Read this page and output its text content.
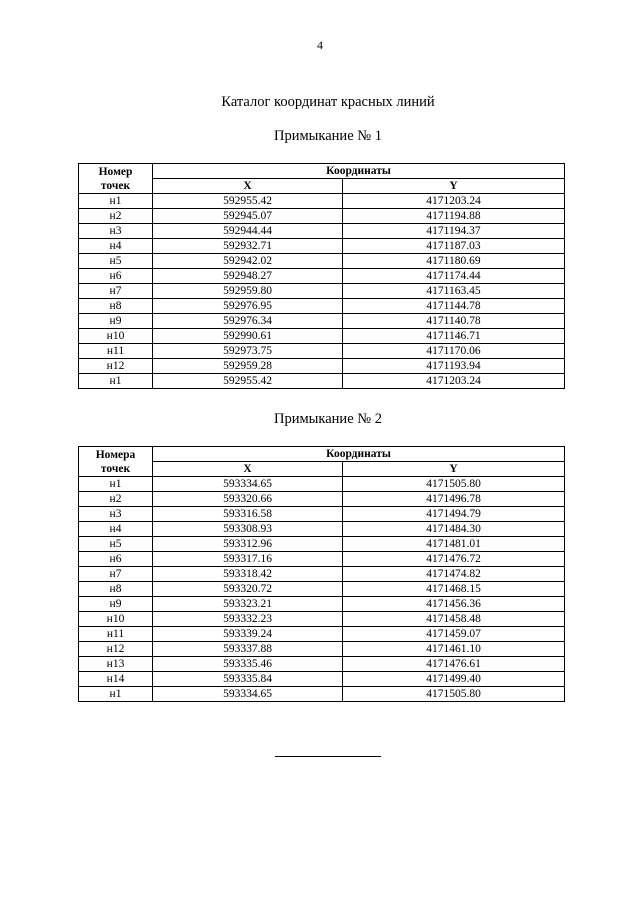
4
Каталог координат красных линий
Примыкание № 1
Номер
точек	Координаты	
	X	Y
н1	592955.42	4171203.24
н2	592945.07	4171194.88
н3	592944.44	4171194.37
н4	592932.71	4171187.03
н5	592942.02	4171180.69
н6	592948.27	4171174.44
н7	592959.80	4171163.45
н8	592976.95	4171144.78
н9	592976.34	4171140.78
н10	592990.61	4171146.71
н11	592973.75	4171170.06
н12	592959.28	4171193.94
н1	592955.42	4171203.24
Примыкание № 2
Номера
точек	Координаты	
	X	Y
н1	593334.65	4171505.80
н2	593320.66	4171496.78
н3	593316.58	4171494.79
н4	593308.93	4171484.30
н5	593312.96	4171481.01
н6	593317.16	4171476.72
н7	593318.42	4171474.82
н8	593320.72	4171468.15
н9	593323.21	4171456.36
н10	593332.23	4171458.48
н11	593339.24	4171459.07
н12	593337.88	4171461.10
н13	593335.46	4171476.61
н14	593335.84	4171499.40
н1	593334.65	4171505.80
